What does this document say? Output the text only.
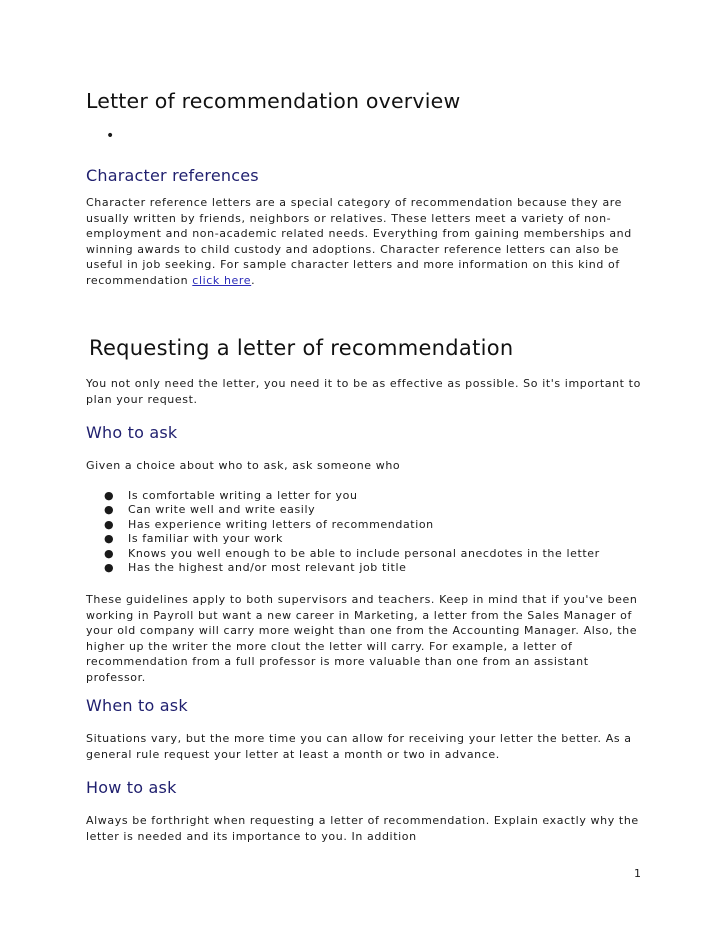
Letter of recommendation overview
•
Character references

Character reference letters are a special category of recommendation because they are usually written by friends, neighbors or relatives. These letters meet a variety of non-employment and non-academic related needs. Everything from gaining memberships and winning awards to child custody and adoptions. Character reference letters can also be useful in job seeking. For sample character letters and more information on this kind of recommendation click here.

Requesting a letter of recommendation

You not only need the letter, you need it to be as effective as possible. So it's important to plan your request.

Who to ask

Given a choice about who to ask, ask someone who

● Is comfortable writing a letter for you
● Can write well and write easily
● Has experience writing letters of recommendation
● Is familiar with your work
● Knows you well enough to be able to include personal anecdotes in the letter
● Has the highest and/or most relevant job title

These guidelines apply to both supervisors and teachers. Keep in mind that if you've been working in Payroll but want a new career in Marketing, a letter from the Sales Manager of your old company will carry more weight than one from the Accounting Manager. Also, the higher up the writer the more clout the letter will carry. For example, a letter of recommendation from a full professor is more valuable than one from an assistant professor.

When to ask

Situations vary, but the more time you can allow for receiving your letter the better. As a general rule request your letter at least a month or two in advance.

How to ask

Always be forthright when requesting a letter of recommendation. Explain exactly why the letter is needed and its importance to you. In addition

1
